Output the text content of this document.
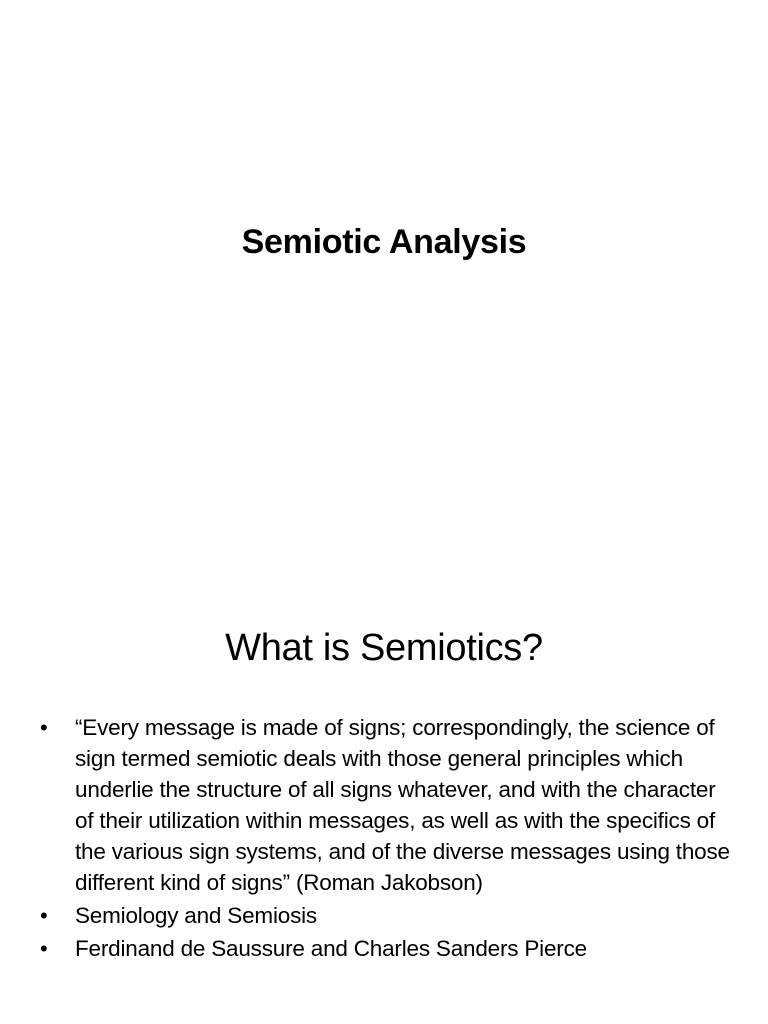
Semiotic Analysis
What is Semiotics?
•	“Every message is made of signs; correspondingly, the science of sign termed semiotic deals with those general principles which underlie the structure of all signs whatever, and with the character of their utilization within messages, as well as with the specifics of the various sign systems, and of the diverse messages using those different kind of signs” (Roman Jakobson)
•	Semiology and Semiosis
•	Ferdinand de Saussure and Charles Sanders Pierce
